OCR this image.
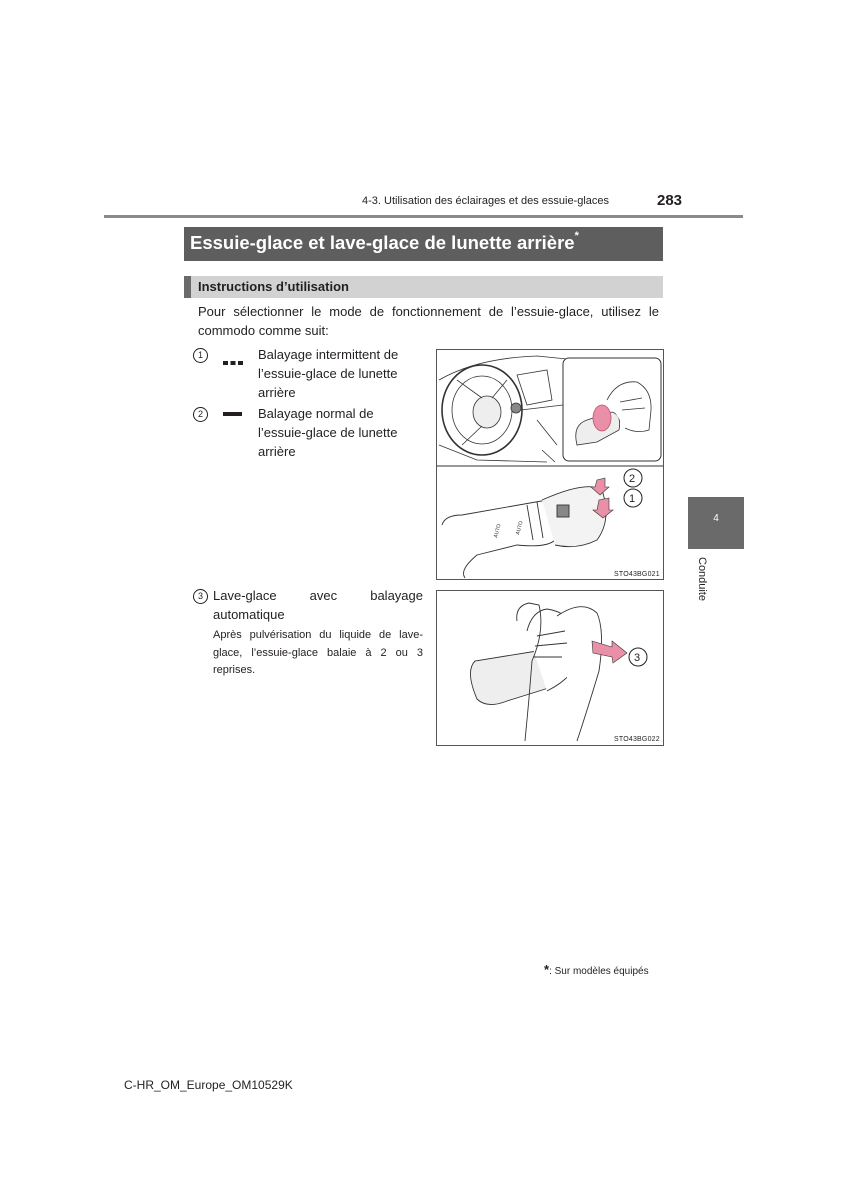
4-3. Utilisation des éclairages et des essuie-glaces	283
Essuie-glace et lave-glace de lunette arrière*
Instructions d’utilisation
Pour sélectionner le mode de fonctionnement de l’essuie-glace, utilisez le commodo comme suit:
1	Balayage intermittent de
l’essuie-glace de lunette
arrière
2	Balayage normal de
l’essuie-glace de lunette
arrière
AUTO	AUTO
2
1
STO43BG021
3 Lave-glace avec balayage
automatique
Après pulvérisation du liquide de lave-glace, l’essuie-glace balaie à 2 ou 3 reprises.
3
STO43BG022
4
Conduite
*: Sur modèles équipés
C-HR_OM_Europe_OM10529K
